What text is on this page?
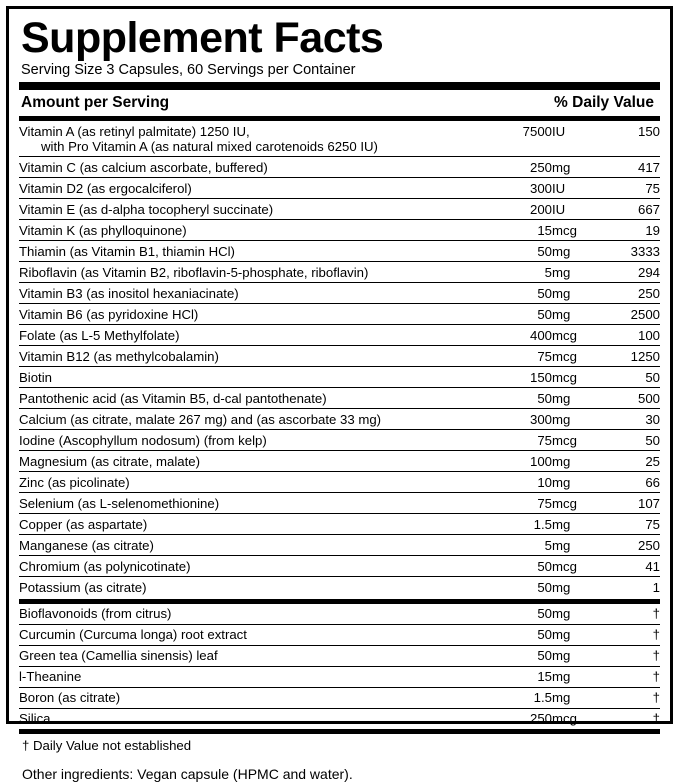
Supplement Facts
Serving Size 3 Capsules, 60 Servings per Container
Amount per Serving	% Daily Value
Vitamin A (as retinyl palmitate) 1250 IU,
with Pro Vitamin A (as natural mixed carotenoids 6250 IU)	7500	IU	150
Vitamin C (as calcium ascorbate, buffered)	250	mg	417
Vitamin D2 (as ergocalciferol)	300	IU	75
Vitamin E (as d-alpha tocopheryl succinate)	200	IU	667
Vitamin K (as phylloquinone)	15	mcg	19
Thiamin (as Vitamin B1, thiamin HCl)	50	mg	3333
Riboflavin (as Vitamin B2, riboflavin-5-phosphate, riboflavin)	5	mg	294
Vitamin B3 (as inositol hexaniacinate)	50	mg	250
Vitamin B6 (as pyridoxine HCl)	50	mg	2500
Folate (as L-5 Methylfolate)	400	mcg	100
Vitamin B12 (as methylcobalamin)	75	mcg	1250
Biotin	150	mcg	50
Pantothenic acid (as Vitamin B5, d-cal pantothenate)	50	mg	500
Calcium (as citrate, malate 267 mg) and (as ascorbate 33 mg)	300	mg	30
Iodine (Ascophyllum nodosum) (from kelp)	75	mcg	50
Magnesium (as citrate, malate)	100	mg	25
Zinc (as picolinate)	10	mg	66
Selenium (as L-selenomethionine)	75	mcg	107
Copper (as aspartate)	1.5	mg	75
Manganese (as citrate)	5	mg	250
Chromium (as polynicotinate)	50	mcg	41
Potassium (as citrate)	50	mg	1
Bioflavonoids (from citrus)	50	mg	†
Curcumin (Curcuma longa) root extract	50	mg	†
Green tea (Camellia sinensis) leaf	50	mg	†
l-Theanine	15	mg	†
Boron (as citrate)	1.5	mg	†
Silica	250	mcg	†
† Daily Value not established
Other ingredients: Vegan capsule (HPMC and water).
